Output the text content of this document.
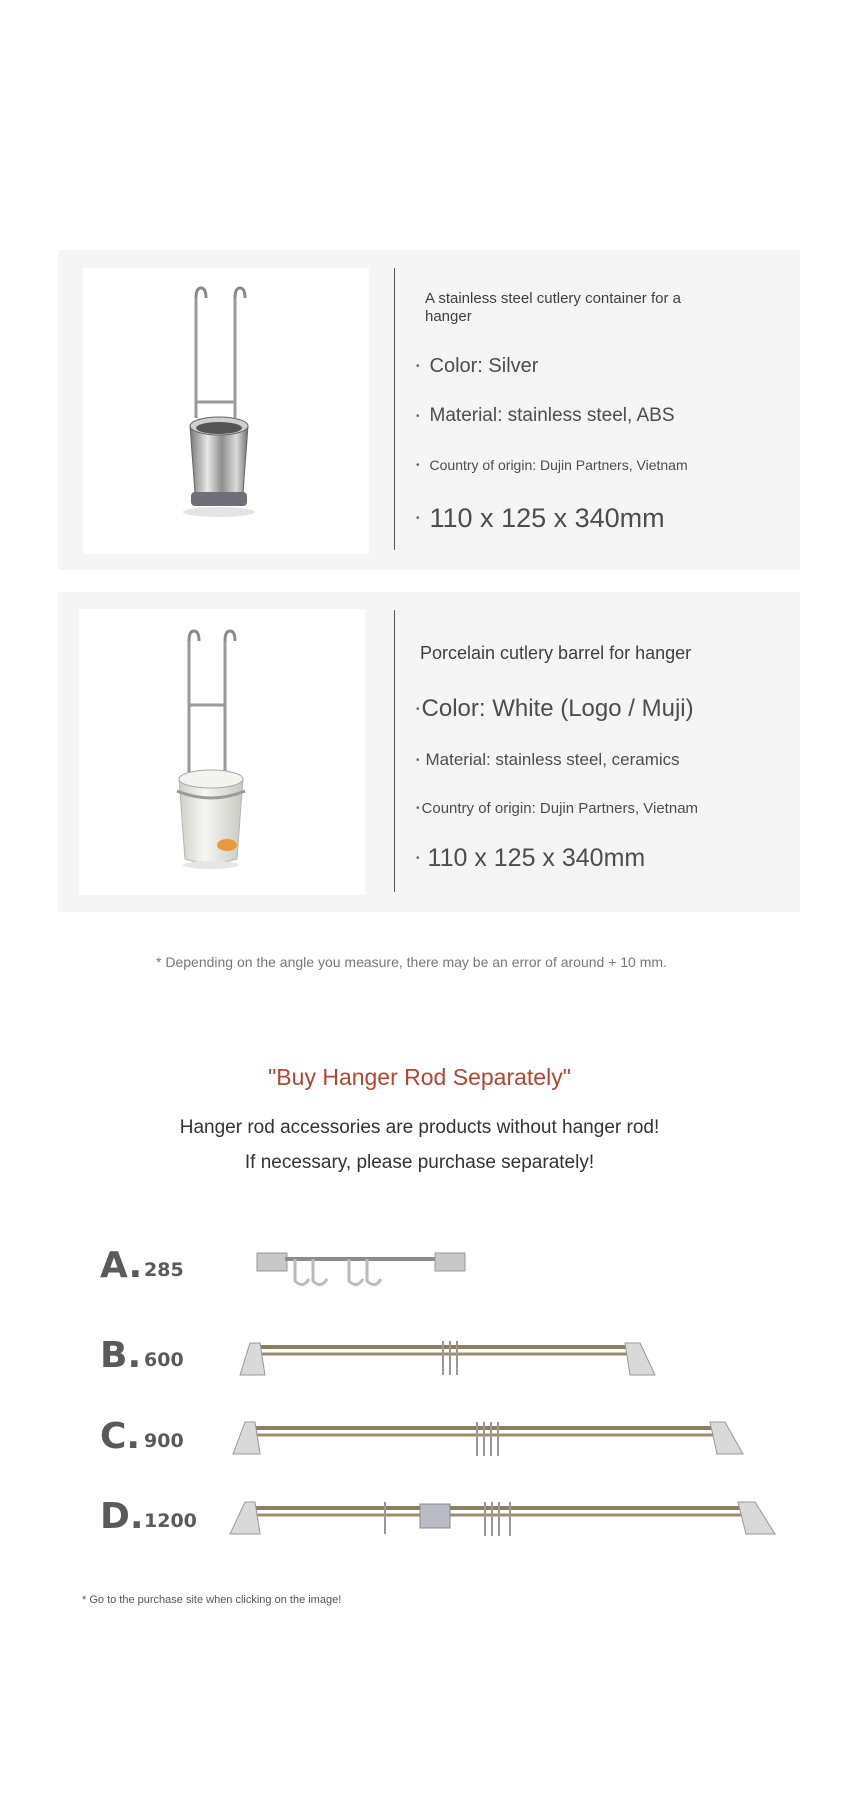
A stainless steel cutlery container for a hanger
• Color: Silver
• Material: stainless steel, ABS
• Country of origin: Dujin Partners, Vietnam
• 110 x 125 x 340mm
Porcelain cutlery barrel for hanger
• Color: White (Logo / Muji)
• Material: stainless steel, ceramics
• Country of origin: Dujin Partners, Vietnam
• 110 x 125 x 340mm
* Depending on the angle you measure, there may be an error of around + 10 mm.
"Buy Hanger Rod Separately"
Hanger rod accessories are products without hanger rod!
If necessary, please purchase separately!
A. 285
B. 600
C. 900
D. 1200
* Go to the purchase site when clicking on the image!
